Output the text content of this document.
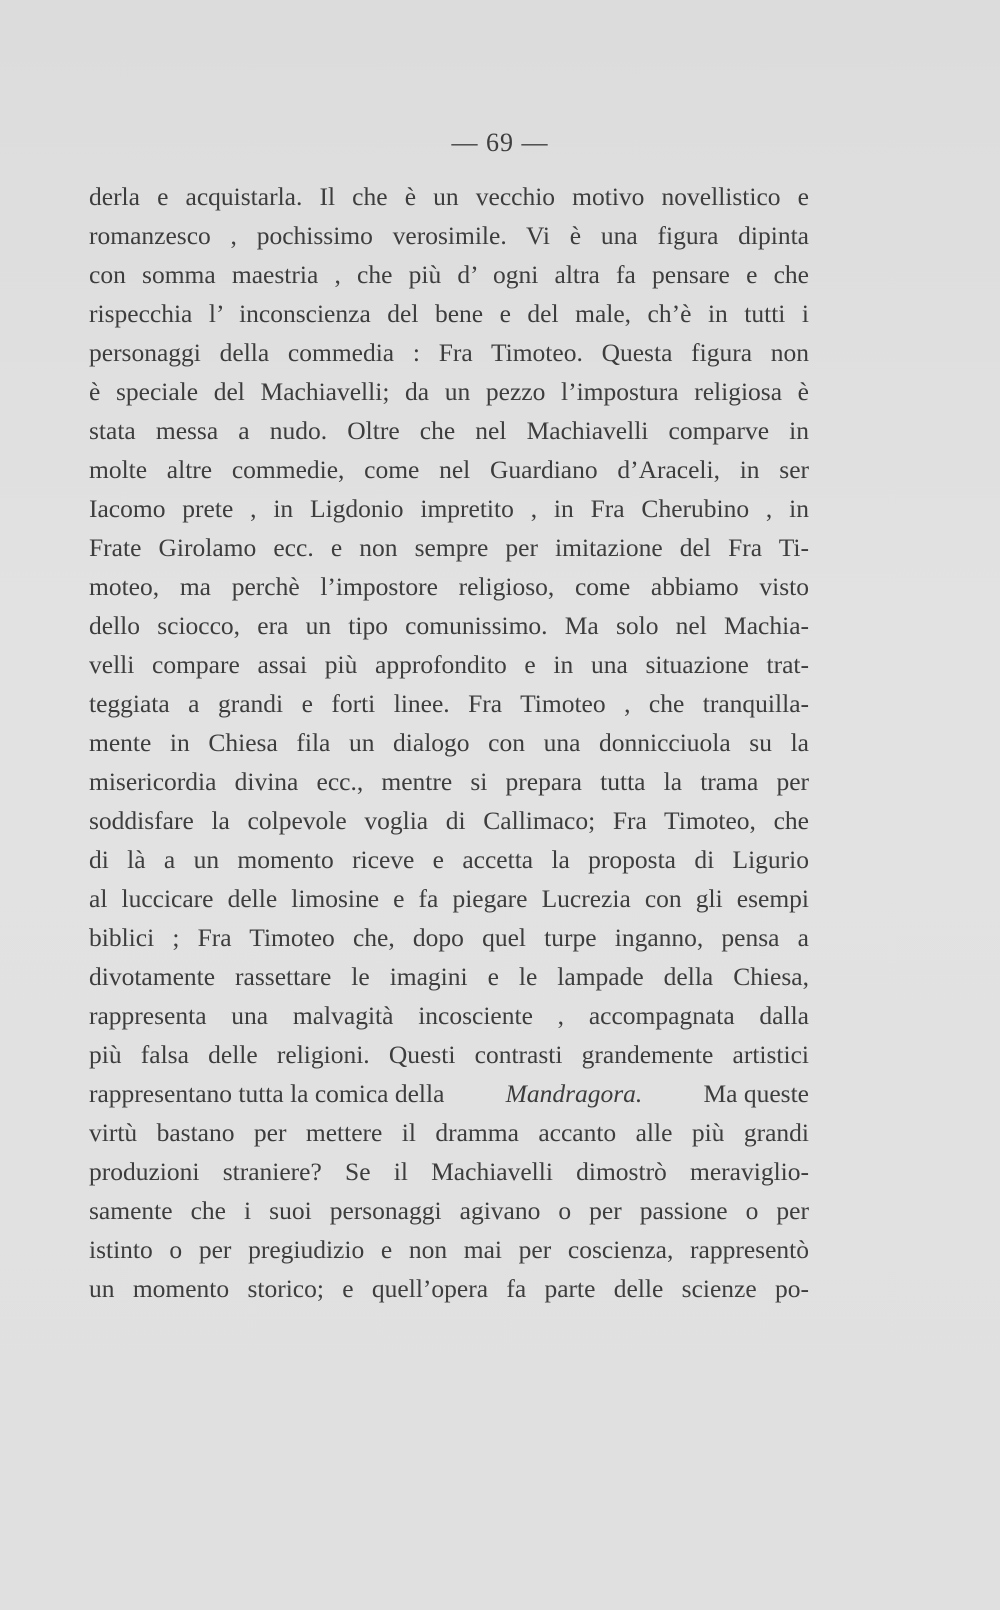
— 69 —
derla e acquistarla. Il che è un vecchio motivo novellistico e
romanzesco , pochissimo verosimile. Vi è una figura dipinta
con somma maestria , che più d’ ogni altra fa pensare e che
rispecchia l’ inconscienza del bene e del male, ch’è in tutti i
personaggi della commedia : Fra Timoteo. Questa figura non
è speciale del Machiavelli; da un pezzo l’impostura religiosa è
stata messa a nudo. Oltre che nel Machiavelli comparve in
molte altre commedie, come nel Guardiano d’Araceli, in ser
Iacomo prete , in Ligdonio impretito , in Fra Cherubino , in
Frate Girolamo ecc. e non sempre per imitazione del Fra Ti-
moteo, ma perchè l’impostore religioso, come abbiamo visto
dello sciocco, era un tipo comunissimo. Ma solo nel Machia-
velli compare assai più approfondito e in una situazione trat-
teggiata a grandi e forti linee. Fra Timoteo , che tranquilla-
mente in Chiesa fila un dialogo con una donnicciuola su la
misericordia divina ecc., mentre si prepara tutta la trama per
soddisfare la colpevole voglia di Callimaco; Fra Timoteo, che
di là a un momento riceve e accetta la proposta di Ligurio
al luccicare delle limosine e fa piegare Lucrezia con gli esempi
biblici ; Fra Timoteo che, dopo quel turpe inganno, pensa a
divotamente rassettare le imagini e le lampade della Chiesa,
rappresenta una malvagità incosciente , accompagnata dalla
più falsa delle religioni. Questi contrasti grandemente artistici
rappresentano tutta la comica della Mandragora. Ma queste
virtù bastano per mettere il dramma accanto alle più grandi
produzioni straniere? Se il Machiavelli dimostrò meraviglio-
samente che i suoi personaggi agivano o per passione o per
istinto o per pregiudizio e non mai per coscienza, rappresentò
un momento storico; e quell’opera fa parte delle scienze po-
